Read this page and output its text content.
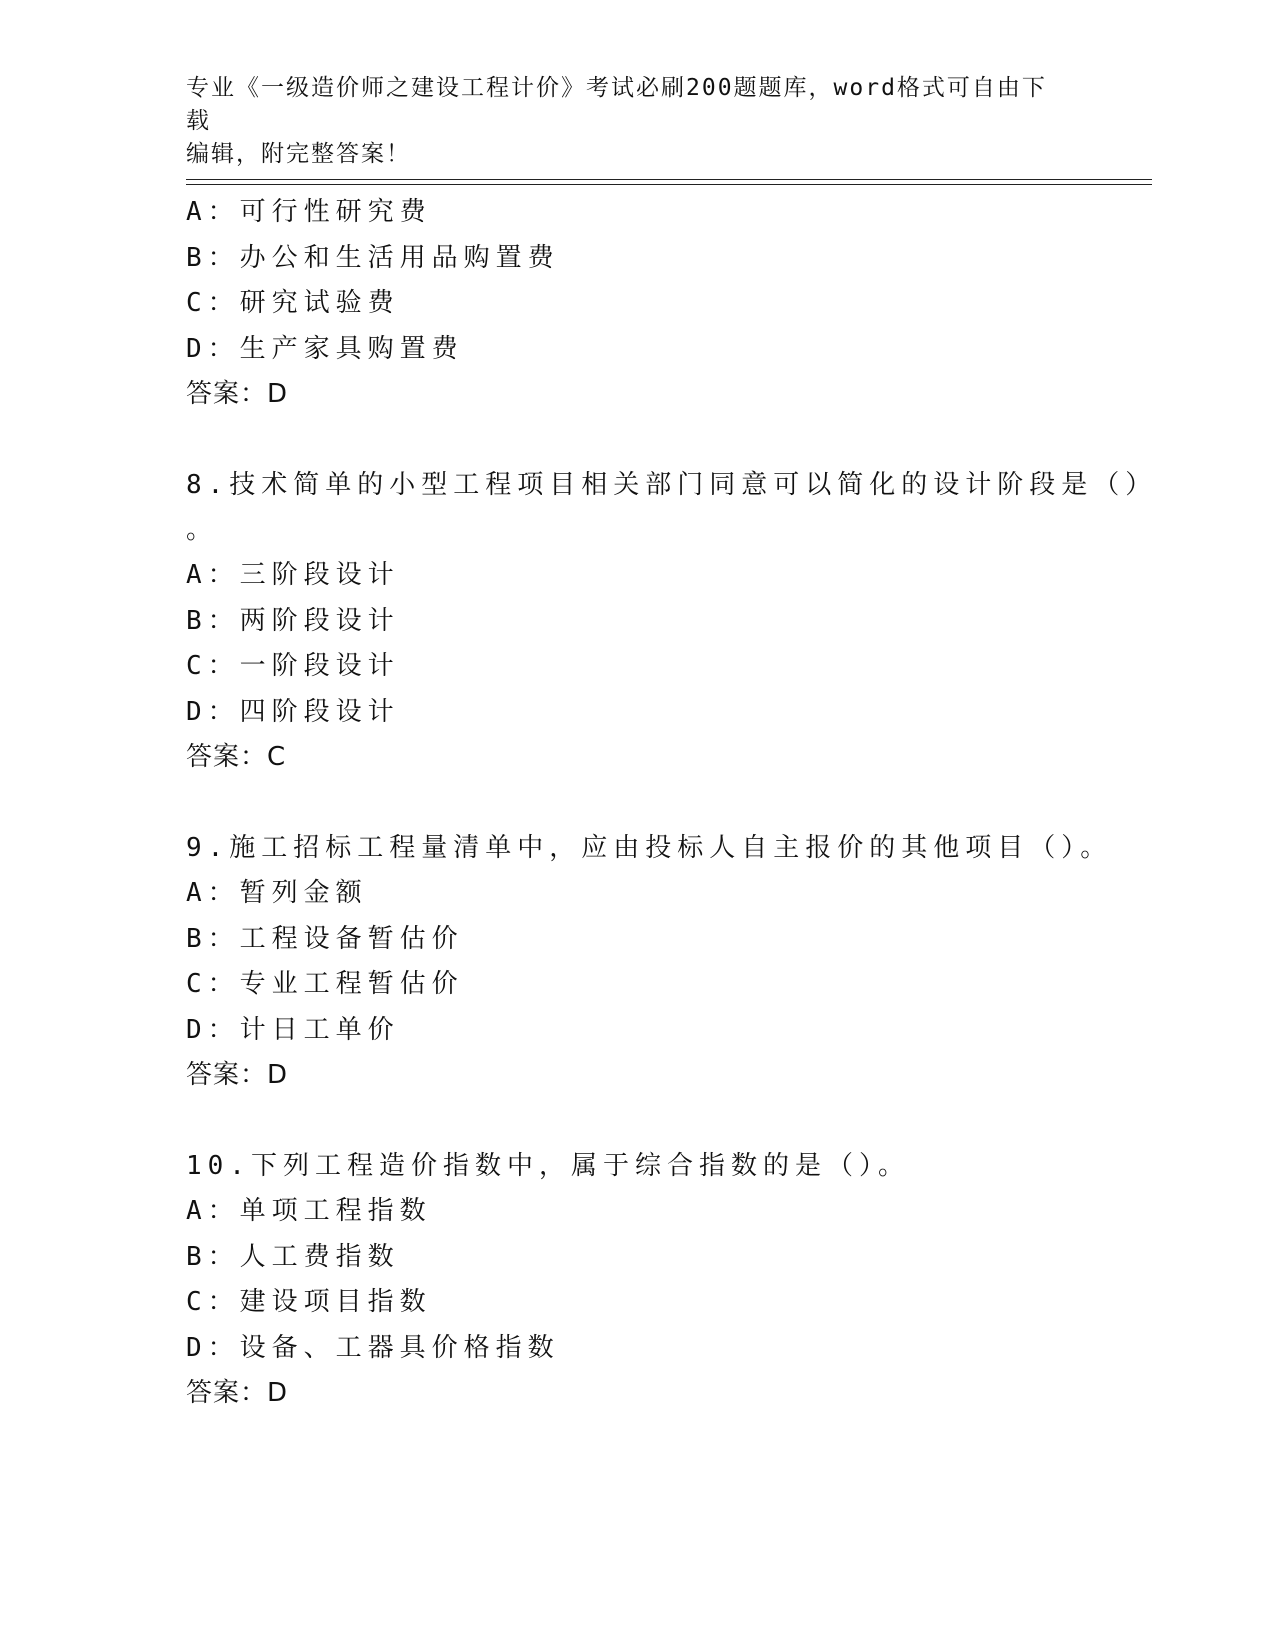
专业《一级造价师之建设工程计价》考试必刷200题题库，word格式可自由下载
编辑，附完整答案！
A：可行性研究费
B：办公和生活用品购置费
C：研究试验费
D：生产家具购置费
答案：D
8.技术简单的小型工程项目相关部门同意可以简化的设计阶段是（）
。
A：三阶段设计
B：两阶段设计
C：一阶段设计
D：四阶段设计
答案：C
9.施工招标工程量清单中，应由投标人自主报价的其他项目（）。
A：暂列金额
B：工程设备暂估价
C：专业工程暂估价
D：计日工单价
答案：D
10.下列工程造价指数中，属于综合指数的是（）。
A：单项工程指数
B：人工费指数
C：建设项目指数
D：设备、工器具价格指数
答案：D
